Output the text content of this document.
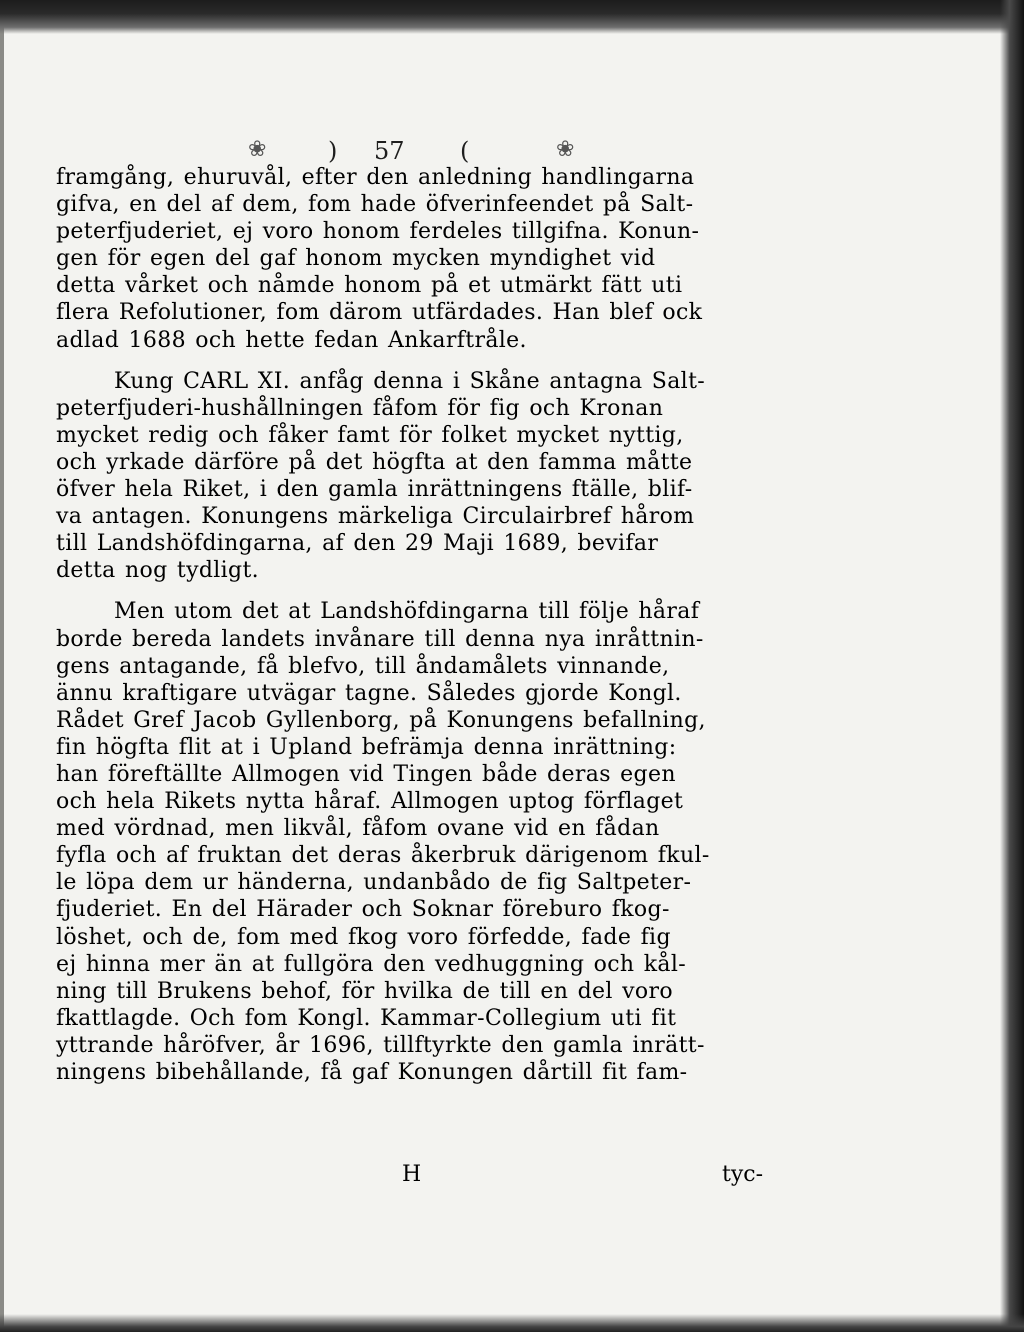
❀	) 57 (	❀
framgång, ehuruvål, efter den anledning handlingarna
gifva, en del af dem, fom hade öfverinfeendet på Salt-
peterfjuderiet, ej voro honom ferdeles tillgifna. Konun-
gen för egen del gaf honom mycken myndighet vid
detta vårket och nåmde honom på et utmärkt fätt uti
flera Refolutioner, fom därom utfärdades. Han blef ock
adlad 1688 och hette fedan Ankarftråle.
Kung CARL XI. anfåg denna i Skåne antagna Salt-
peterfjuderi-hushållningen fåfom för fig och Kronan
mycket redig och fåker famt för folket mycket nyttig,
och yrkade därföre på det högfta at den famma måtte
öfver hela Riket, i den gamla inrättningens ftälle, blif-
va antagen. Konungens märkeliga Circulairbref hårom
till Landshöfdingarna, af den 29 Maji 1689, bevifar
detta nog tydligt.
Men utom det at Landshöfdingarna till följe håraf
borde bereda landets invånare till denna nya inråttnin-
gens antagande, få blefvo, till åndamålets vinnande,
ännu kraftigare utvägar tagne. Således gjorde Kongl.
Rådet Gref Jacob Gyllenborg, på Konungens befallning,
fin högfta flit at i Upland befrämja denna inrättning:
han föreftällte Allmogen vid Tingen både deras egen
och hela Rikets nytta håraf. Allmogen uptog förflaget
med vördnad, men likvål, fåfom ovane vid en fådan
fyfla och af fruktan det deras åkerbruk därigenom fkul-
le löpa dem ur händerna, undanbådo de fig Saltpeter-
fjuderiet. En del Härader och Soknar föreburo fkog-
löshet, och de, fom med fkog voro förfedde, fade fig
ej hinna mer än at fullgöra den vedhuggning och kål-
ning till Brukens behof, för hvilka de till en del voro
fkattlagde. Och fom Kongl. Kammar-Collegium uti fit
yttrande håröfver, år 1696, tillftyrkte den gamla inrätt-
ningens bibehållande, få gaf Konungen dårtill fit fam-
H	tyc-
